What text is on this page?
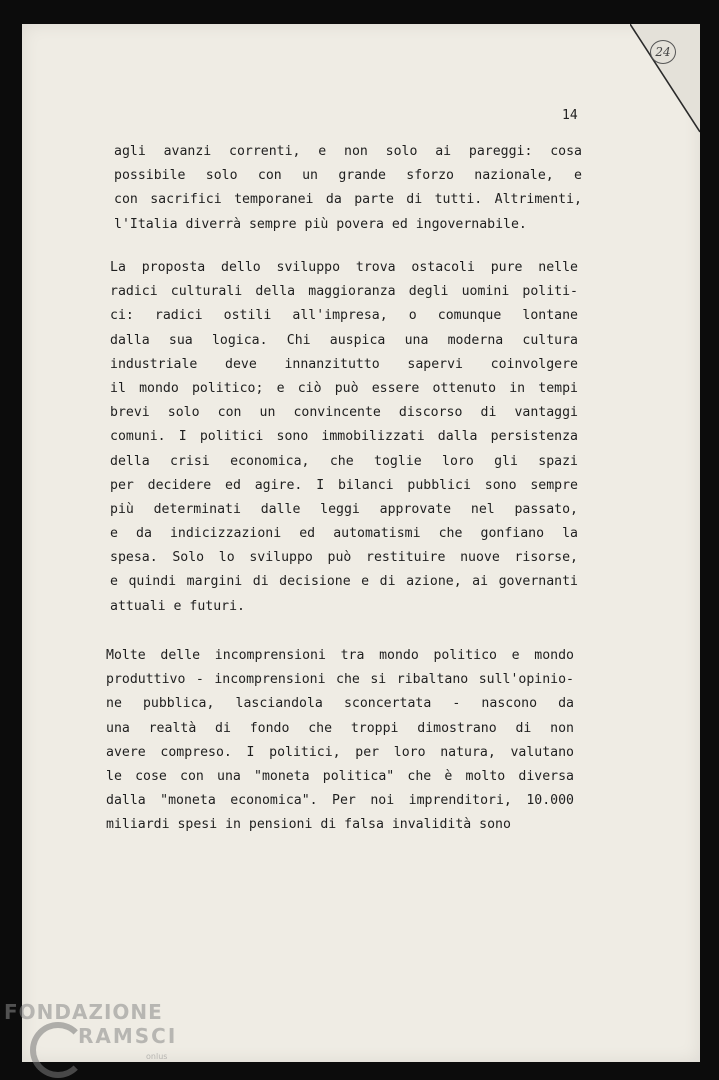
24
14
agli avanzi correnti, e non solo ai pareggi: cosa
possibile solo con un grande sforzo nazionale, e
con sacrifici temporanei da parte di tutti. Altrimenti,
l'Italia diverrà sempre più povera ed ingovernabile.
La proposta dello sviluppo trova ostacoli pure nelle
radici culturali della maggioranza degli uomini politi-
ci: radici ostili all'impresa, o comunque lontane
dalla sua logica. Chi auspica una moderna cultura
industriale deve innanzitutto sapervi coinvolgere
il mondo politico; e ciò può essere ottenuto in tempi
brevi solo con un convincente discorso di vantaggi
comuni. I politici sono immobilizzati dalla persistenza
della crisi economica, che toglie loro gli spazi
per decidere ed agire. I bilanci pubblici sono sempre
più determinati dalle leggi approvate nel passato,
e da indicizzazioni ed automatismi che gonfiano la
spesa. Solo lo sviluppo può restituire nuove risorse,
e quindi margini di decisione e di azione, ai governanti
attuali e futuri.
Molte delle incomprensioni tra mondo politico e mondo
produttivo - incomprensioni che si ribaltano sull'opinio-
ne pubblica, lasciandola sconcertata - nascono da
una realtà di fondo che troppi dimostrano di non
avere compreso. I politici, per loro natura, valutano
le cose con una "moneta politica" che è molto diversa
dalla "moneta economica". Per noi imprenditori, 10.000
miliardi spesi in pensioni di falsa invalidità sono
FONDAZIONE
RAMSCI
onlus
